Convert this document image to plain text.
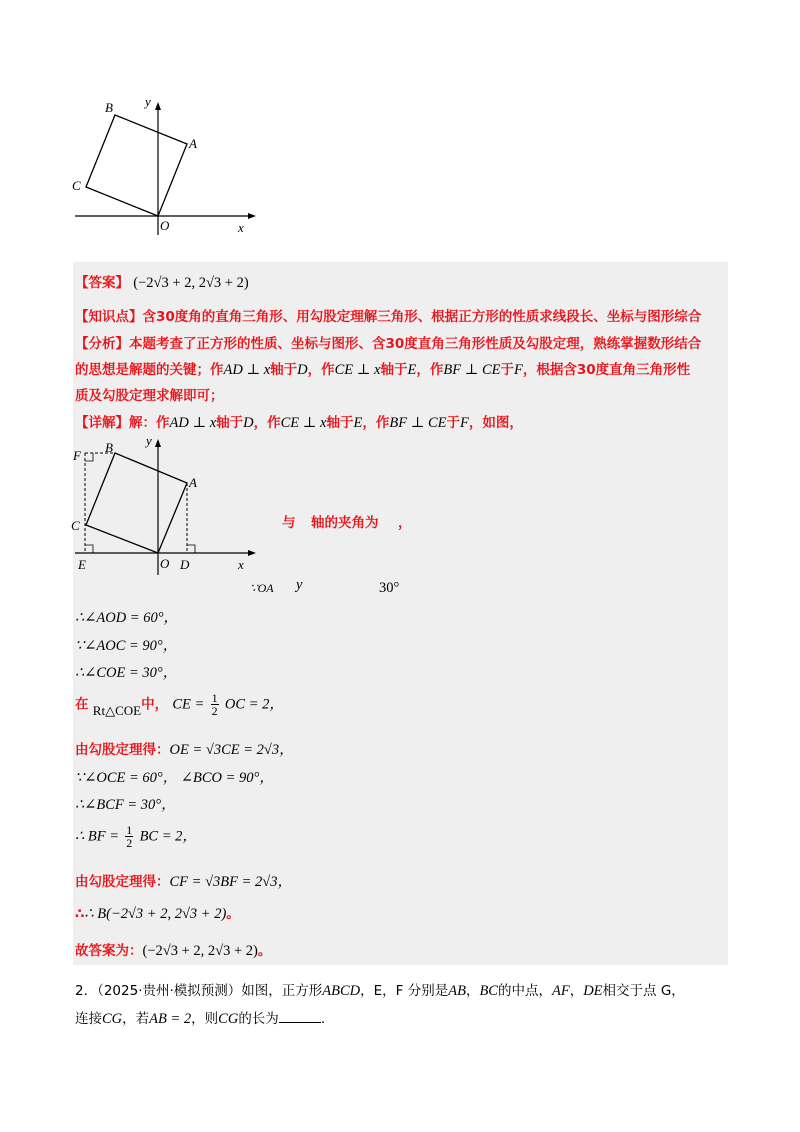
B
A
C
O	x
y
【答案】 (−2√3 + 2, 2√3 + 2)
【知识点】含30度角的直角三角形、用勾股定理解三角形、根据正方形的性质求线段长、坐标与图形综合
【分析】本题考查了正方形的性质、坐标与图形、含30度直角三角形性质及勾股定理，熟练掌握数形结合
的思想是解题的关键；作AD ⊥ x轴于D，作CE ⊥ x轴于E，作BF ⊥ CE于F，根据含30度直角三角形性
质及勾股定理求解即可；
【详解】解：作AD ⊥ x轴于D，作CE ⊥ x轴于E，作BF ⊥ CE于F，如图，
B
A
C
F
E	O D	x
y
与 轴的夹角为 ，
∵OA y	30°
∴∠AOD = 60°，
∵∠AOC = 90°，
∴∠COE = 30°，
在 Rt△COE中， CE = $\frac{1}{2}$ OC = 2，
由勾股定理得：OE = √3CE = 2√3，
∵∠OCE = 60°， ∠BCO = 90°，
∴∠BCF = 30°，
∴ BF = $\frac{1}{2}$ BC = 2，
由勾股定理得：CF = √3BF = 2√3，
∴∴ B(−2√3 + 2, 2√3 + 2)。
故答案为：(−2√3 + 2, 2√3 + 2)。
2．（2025·贵州·模拟预测）如图，正方形ABCD，E，F 分别是AB，BC的中点，AF，DE相交于点 G，
连接CG，若AB = 2，则CG的长为	.
